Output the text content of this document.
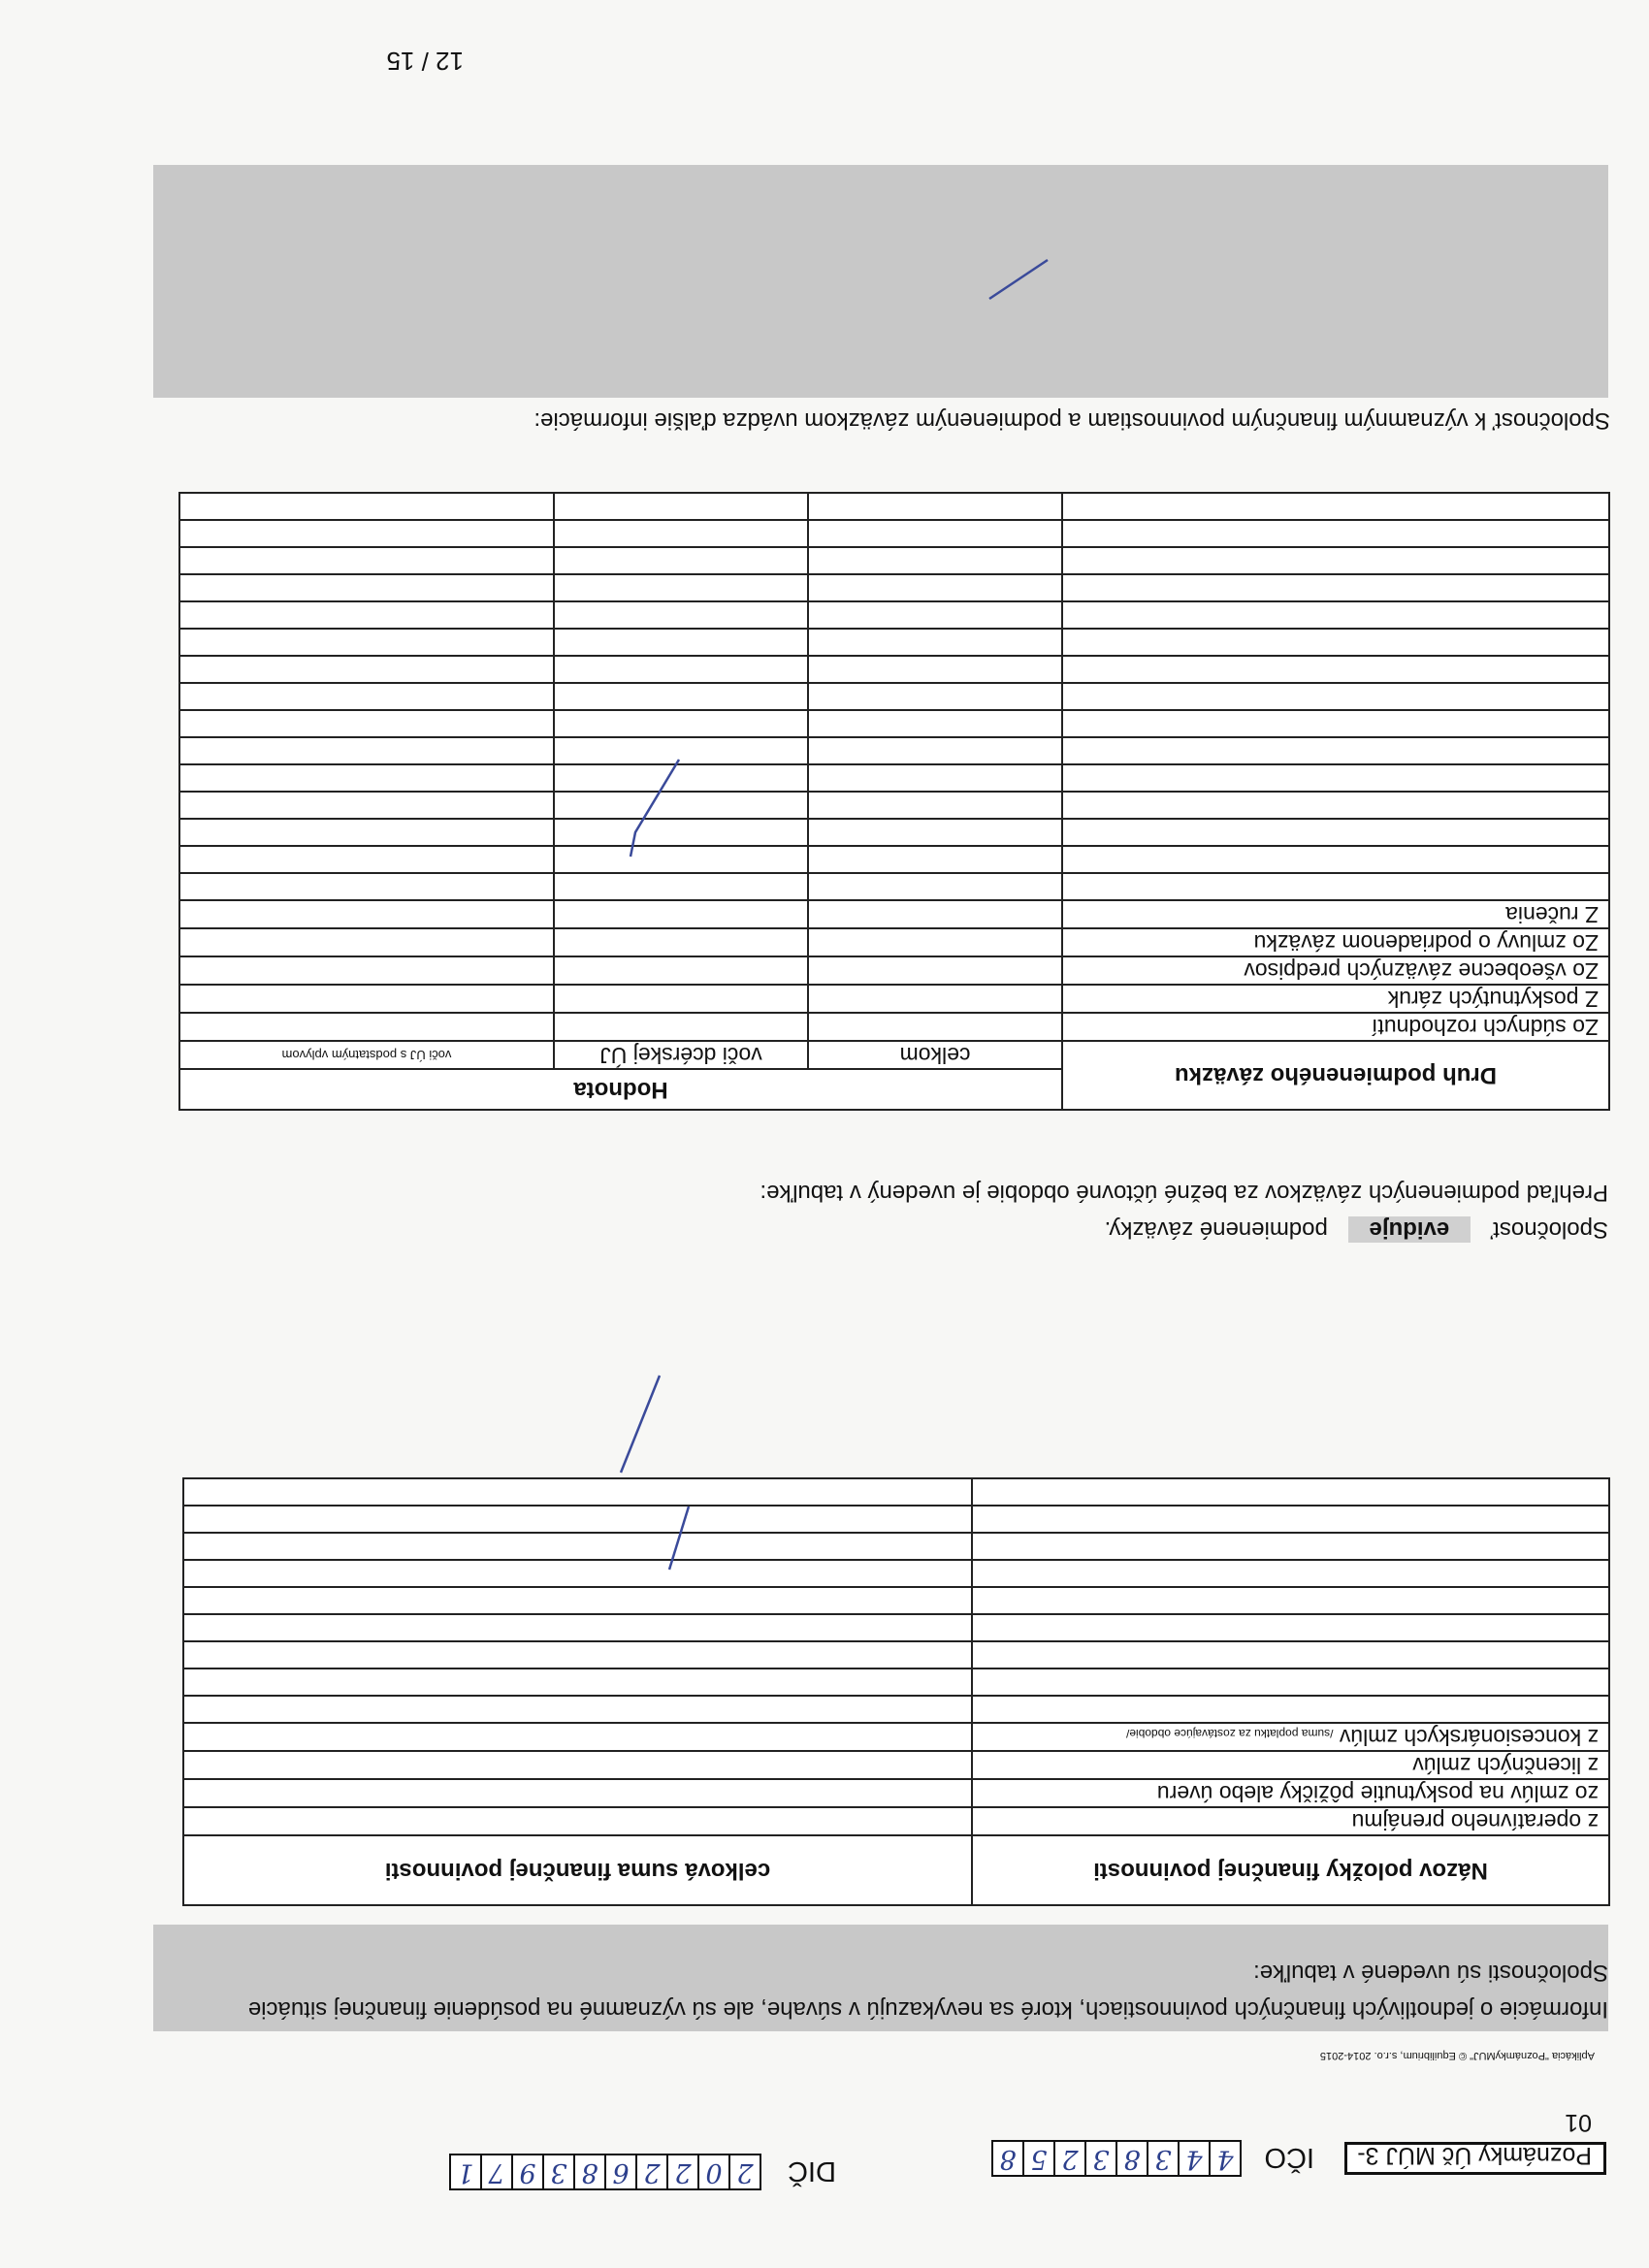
Poznámky Úč MÚJ 3-01
IČO
4
4
3
8
3
2
5
8
DIČ
2
0
2
2
6
8
3
9
7
1
Aplikácia "PoznámkyMUJ" © Equilibrium, s.r.o. 2014-2015
Informácie o jednotlivých finančných povinnostiach, ktoré sa nevykazujú v súvahe, ale sú významné na posúdenie finančnej situácie Spoločnosti sú uvedené v tabuľke:
Názov položky finančnej povinnosti	celková suma finančnej povinnosti
z operatívneho prenájmu	
zo zmlúv na poskytnutie pôžičky alebo úveru	
z licenčných zmlúv	
z koncesionárskych zmlúv /suma poplatku za zostávajúce obdobie/	

Spoločnosť eviduje podmienené záväzky.
Prehľad podmienených záväzkov za bežné účtovné obdobie je uvedený v tabuľke:
Druh podmieneného záväzku	Hodnota		
	celkom	voči dcérskej ÚJ	voči ÚJ s podstatným vplyvom
Zo súdnych rozhodnutí			
Z poskytnutých záruk			
Zo všeobecne záväzných predpisov			
Zo zmluvy o podriadenom záväzku			
Z ručenia			

Spoločnosť k významným finančným povinnostiam a podmieneným záväzkom uvádza ďalšie informácie:
12 / 15
